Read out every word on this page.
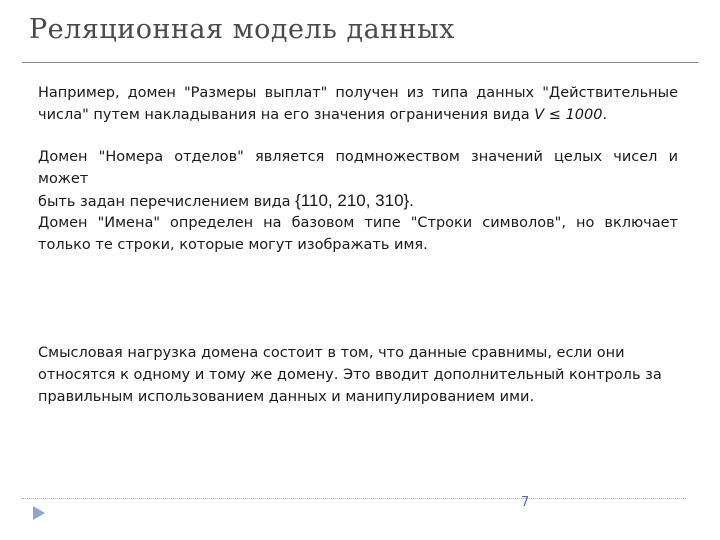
Реляционная модель данных
Например, домен "Размеры выплат" получен из типа данных "Действительные
числа" путем накладывания на его значения ограничения вида V ≤ 1000.
Домен "Номера отделов" является подмножеством значений целых чисел и может
быть задан перечислением вида {110, 210, 310}.
Домен "Имена" определен на базовом типе "Строки символов", но включает
только те строки, которые могут изображать имя.
Смысловая нагрузка домена состоит в том, что данные сравнимы, если они
относятся к одному и тому же домену. Это вводит дополнительный контроль за
правильным использованием данных и манипулированием ими.
7
